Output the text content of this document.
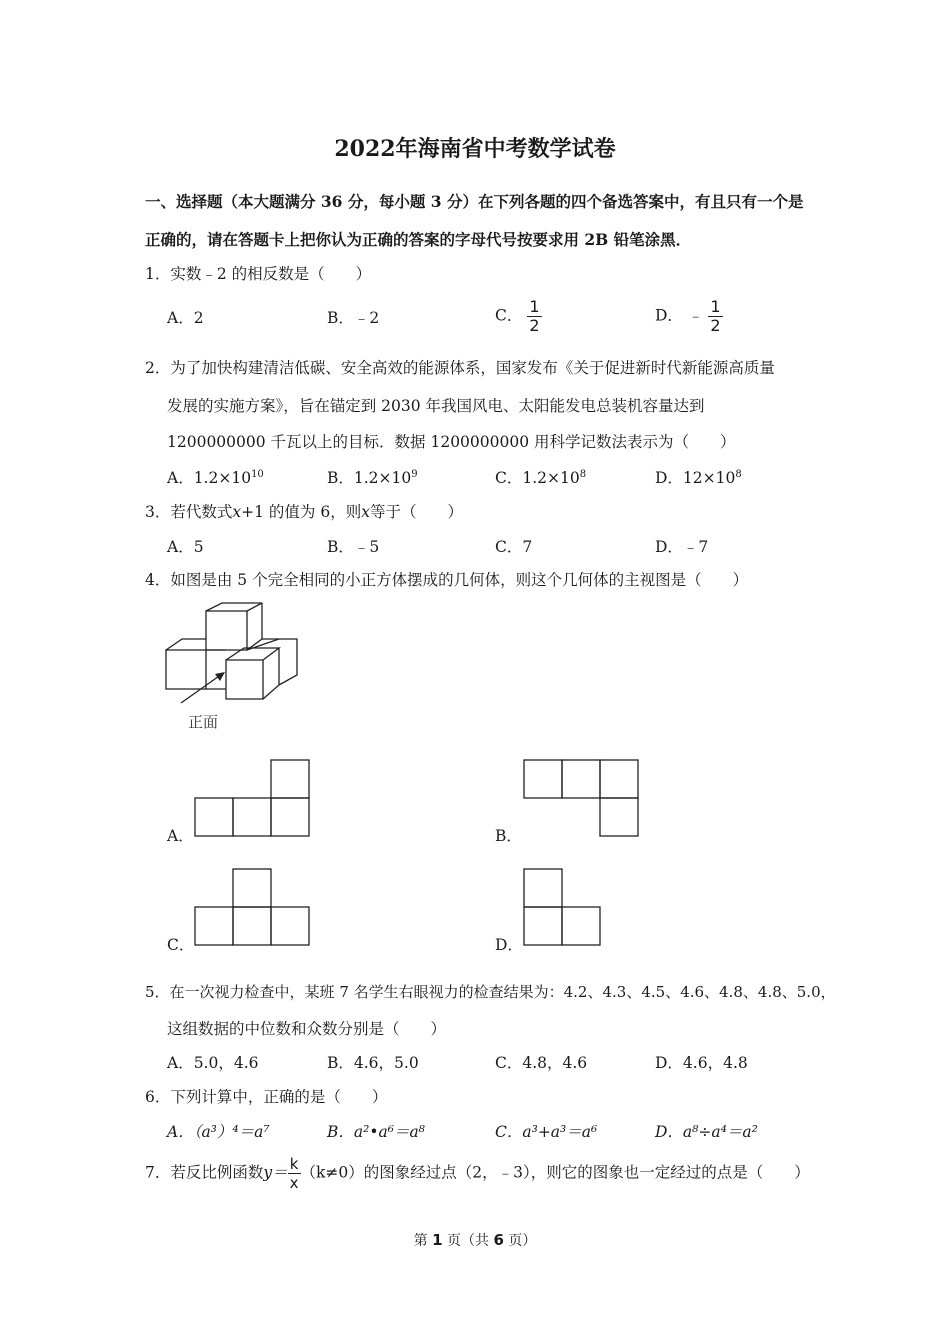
2022年海南省中考数学试卷
一、选择题（本大题满分 36 分，每小题 3 分）在下列各题的四个备选答案中，有且只有一个是
正确的，请在答题卡上把你认为正确的答案的字母代号按要求用 2B 铅笔涂黑．
1．实数﹣2 的相反数是（　　）
A．2	B．﹣2	C． $\frac{1}{2}$	D． ﹣ $\frac{1}{2}$
2．为了加快构建清洁低碳、安全高效的能源体系，国家发布《关于促进新时代新能源高质量
发展的实施方案》，旨在锚定到 2030 年我国风电、太阳能发电总装机容量达到
1200000000 千瓦以上的目标．数据 1200000000 用科学记数法表示为（　　）
A．$1.2\times 10^{10}$	B．$1.2\times 10^9$	C．$1.2\times 10^8$	D．$12\times 10^8$
3．若代数式x+1 的值为 6，则x等于（　　）
A．5	B．﹣5	C．7	D．﹣7
4．如图是由 5 个完全相同的小正方体摆成的几何体，则这个几何体的主视图是（　　）
正面
A．	B．
C．	D．
5．在一次视力检查中，某班 7 名学生右眼视力的检查结果为：4.2、4.3、4.5、4.6、4.8、4.8、5.0，
这组数据的中位数和众数分别是（　　）
A．5.0，4.6	B．4.6，5.0	C．4.8，4.6	D．4.6，4.8
6．下列计算中，正确的是（　　）
A．（a³）⁴＝a⁷	B．a²•a⁶＝a⁸	C．a³+a³＝a⁶	D．a⁸÷a⁴＝a²
7．若反比例函数$y= \frac{k}{x} (k\ne 0)$的图象经过点（2，﹣3），则它的图象也一定经过的点是（　　）
第 1 页（共 6 页）
